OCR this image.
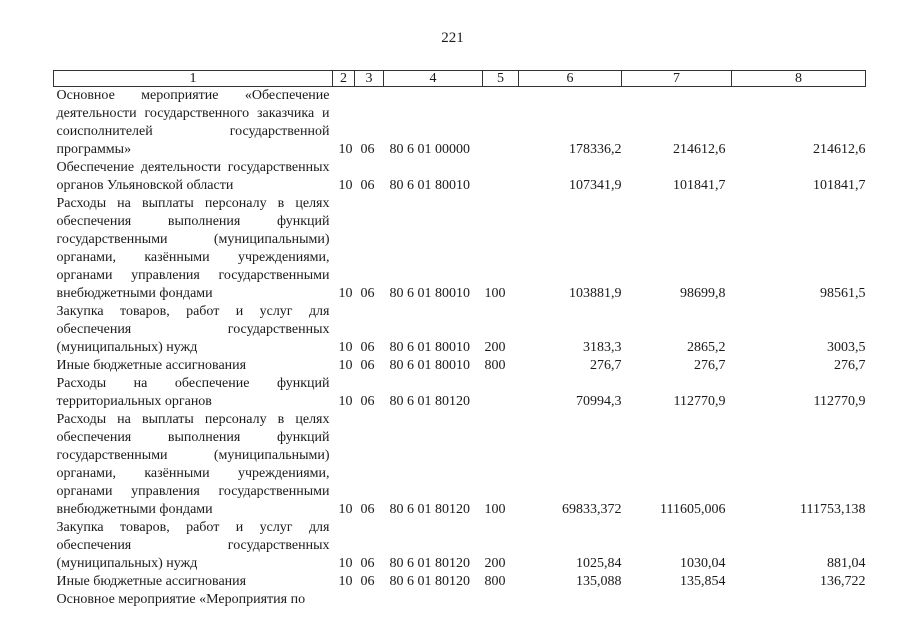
221
1	2	3	4	5	6	7	8
Основное мероприятие «Обеспечение деятельности государственного заказчика и соисполнителей государственной программы»	10	06	80 6 01 00000		178336,2	214612,6	214612,6
Обеспечение деятельности государственных органов Ульяновской области	10	06	80 6 01 80010		107341,9	101841,7	101841,7
Расходы на выплаты персоналу в целях обеспечения выполнения функций государственными (муниципальными) органами, казёнными учреждениями, органами управления государственными внебюджетными фондами	10	06	80 6 01 80010	100	103881,9	98699,8	98561,5
Закупка товаров, работ и услуг для обеспечения государственных (муниципальных) нужд	10	06	80 6 01 80010	200	3183,3	2865,2	3003,5
Иные бюджетные ассигнования	10	06	80 6 01 80010	800	276,7	276,7	276,7
Расходы на обеспечение функций территориальных органов	10	06	80 6 01 80120		70994,3	112770,9	112770,9
Расходы на выплаты персоналу в целях обеспечения выполнения функций государственными (муниципальными) органами, казёнными учреждениями, органами управления государственными внебюджетными фондами	10	06	80 6 01 80120	100	69833,372	111605,006	111753,138
Закупка товаров, работ и услуг для обеспечения государственных (муниципальных) нужд	10	06	80 6 01 80120	200	1025,84	1030,04	881,04
Иные бюджетные ассигнования	10	06	80 6 01 80120	800	135,088	135,854	136,722
Основное мероприятие «Мероприятия по							
